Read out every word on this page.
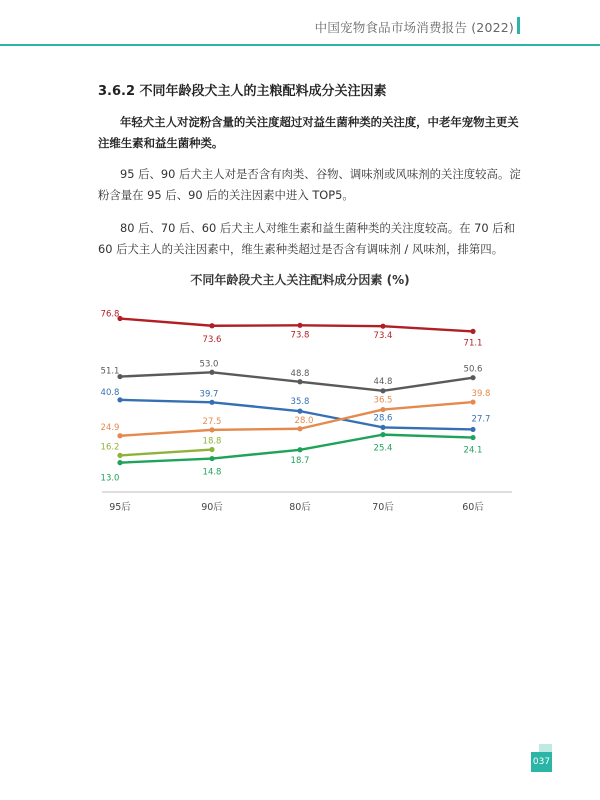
中国宠物食品市场消费报告 (2022)
3.6.2 不同年龄段犬主人的主粮配料成分关注因素
年轻犬主人对淀粉含量的关注度超过对益生菌种类的关注度，中老年宠物主更关注维生素和益生菌种类。
95 后、90 后犬主人对是否含有肉类、谷物、调味剂或风味剂的关注度较高。淀粉含量在 95 后、90 后的关注因素中进入 TOP5。
80 后、70 后、60 后犬主人对维生素和益生菌种类的关注度较高。在 70 后和 60 后犬主人的关注因素中，维生素种类超过是否含有调味剂 / 风味剂，排第四。
不同年龄段犬主人关注配料成分因素 (%)
95后	90后	80后	70后	60后
76.8
73.6	73.8	73.4
71.1
51.1
53.0
48.8
44.8
50.6
40.8	39.7
35.8
28.6	27.7
24.9
27.5	28.0
36.5
39.8
16.2
18.8
13.0
14.8
18.7
25.4	24.1
037
